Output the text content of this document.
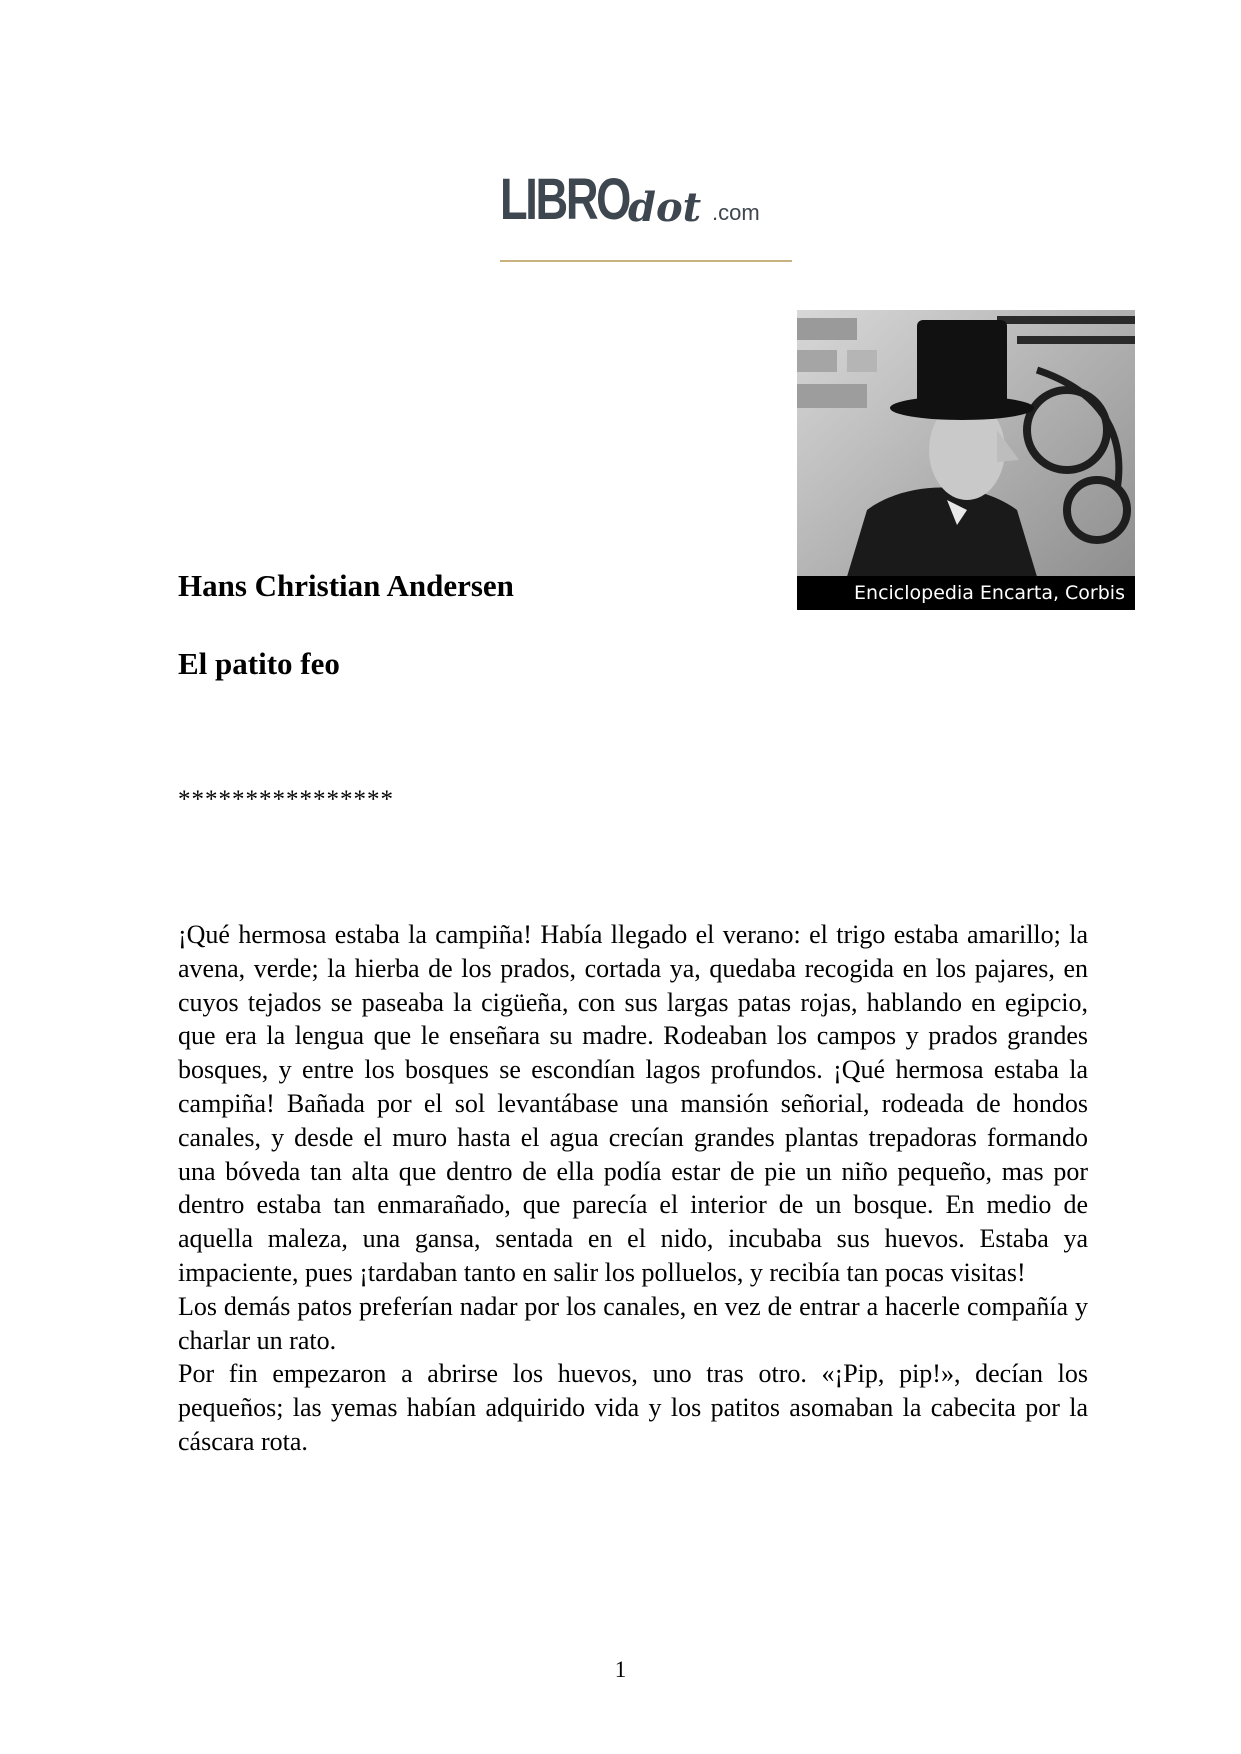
LIBRO
dot .com
Enciclopedia Encarta, Corbis
Hans Christian Andersen
El patito feo
****************

¡Qué hermosa estaba la campiña! Había llegado el verano: el trigo estaba amarillo; la avena, verde; la hierba de los prados, cortada ya, quedaba recogida en los pajares, en cuyos tejados se paseaba la cigüeña, con sus largas patas rojas, hablando en egipcio, que era la lengua que le enseñara su madre. Rodeaban los campos y prados grandes bosques, y entre los bosques se escondían lagos profundos. ¡Qué hermosa estaba la campiña! Bañada por el sol levantábase una mansión señorial, rodeada de hondos canales, y desde el muro hasta el agua crecían grandes plantas trepadoras formando una bóveda tan alta que dentro de ella podía estar de pie un niño pequeño, mas por dentro estaba tan enmarañado, que parecía el interior de un bosque. En medio de aquella maleza, una gansa, sentada en el nido, incubaba sus huevos. Estaba ya impaciente, pues ¡tardaban tanto en salir los polluelos, y recibía tan pocas visitas!

Los demás patos preferían nadar por los canales, en vez de entrar a hacerle compañía y charlar un rato.

Por fin empezaron a abrirse los huevos, uno tras otro. «¡Pip, pip!», decían los pequeños; las yemas habían adquirido vida y los patitos asomaban la cabecita por la cáscara rota.

1
